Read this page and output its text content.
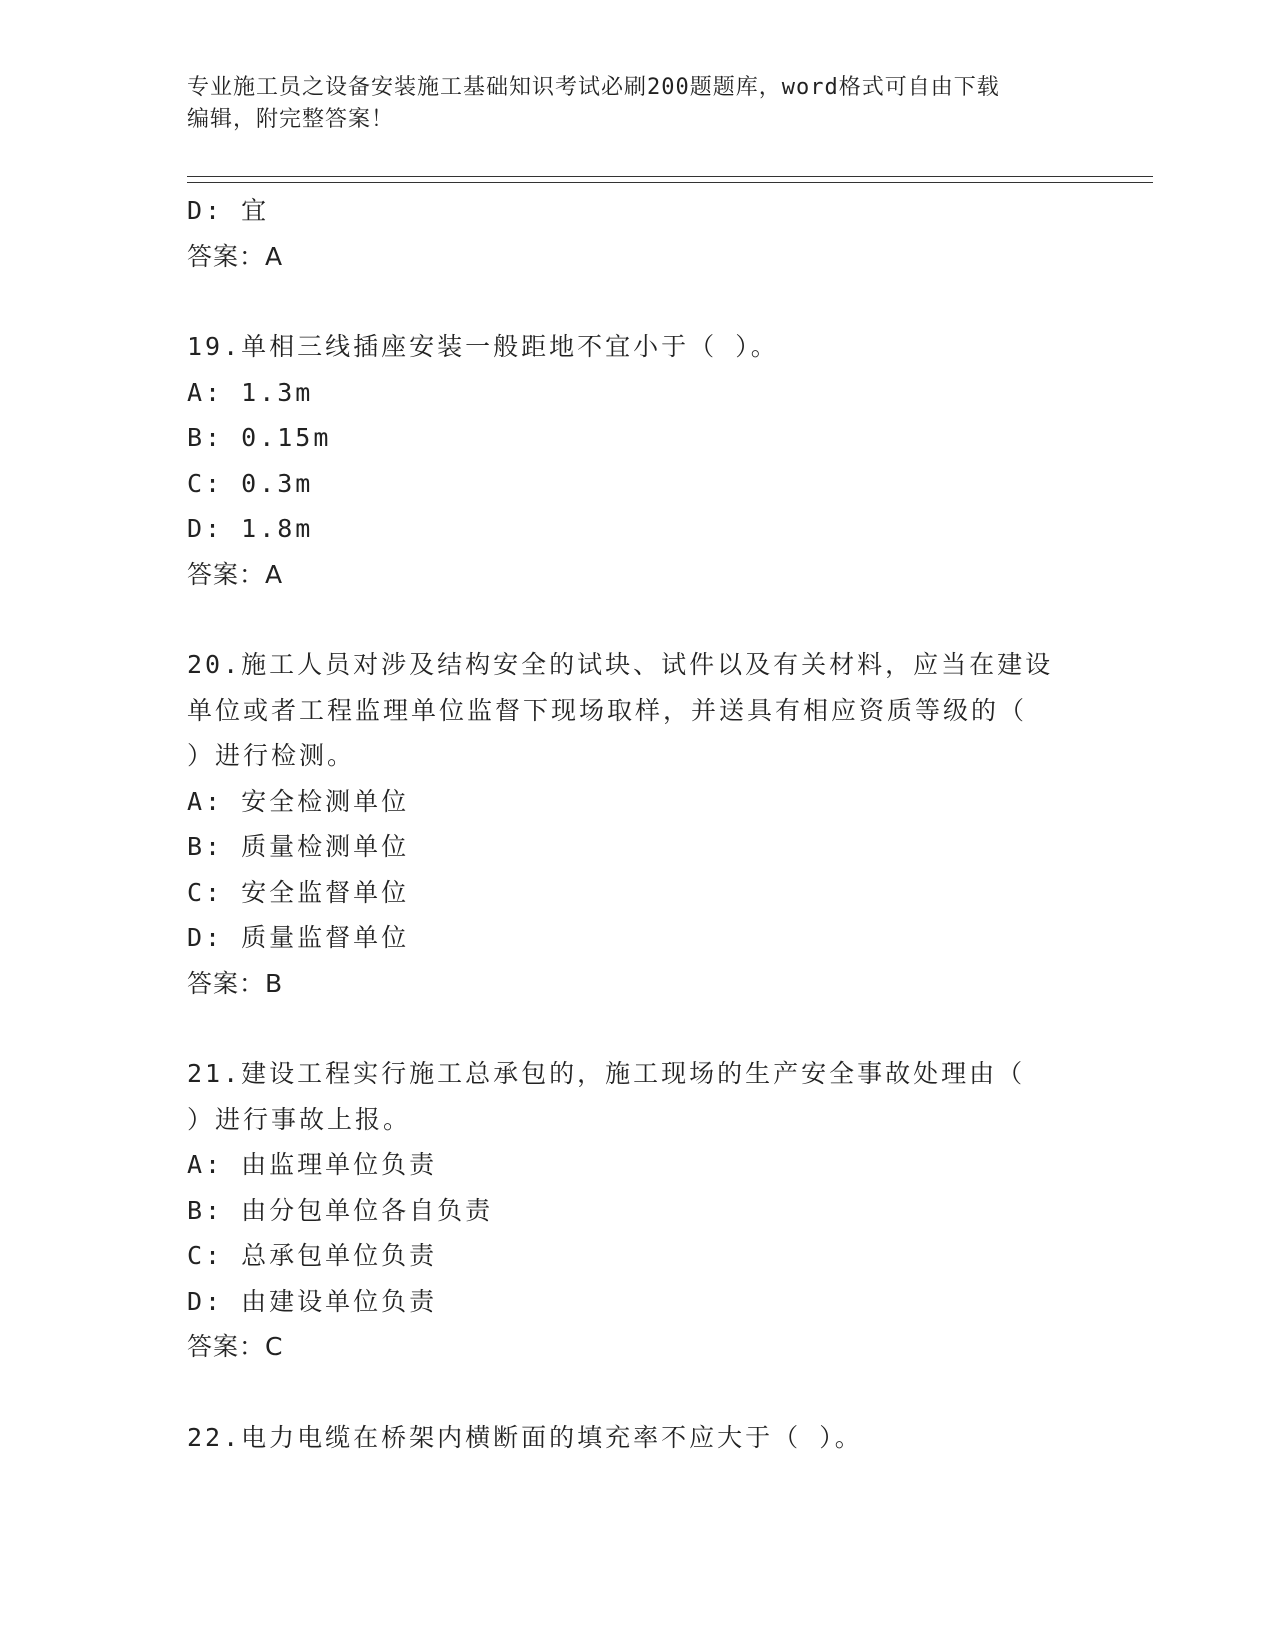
专业施工员之设备安装施工基础知识考试必刷200题题库，word格式可自由下载
编辑，附完整答案！
D: 宜
答案：A
19.单相三线插座安装一般距地不宜小于（ ）。
A: 1.3m
B: 0.15m
C: 0.3m
D: 1.8m
答案：A
20.施工人员对涉及结构安全的试块、试件以及有关材料，应当在建设
单位或者工程监理单位监督下现场取样，并送具有相应资质等级的（
）进行检测。
A: 安全检测单位
B: 质量检测单位
C: 安全监督单位
D: 质量监督单位
答案：B
21.建设工程实行施工总承包的，施工现场的生产安全事故处理由（
）进行事故上报。
A: 由监理单位负责
B: 由分包单位各自负责
C: 总承包单位负责
D: 由建设单位负责
答案：C
22.电力电缆在桥架内横断面的填充率不应大于（ ）。
